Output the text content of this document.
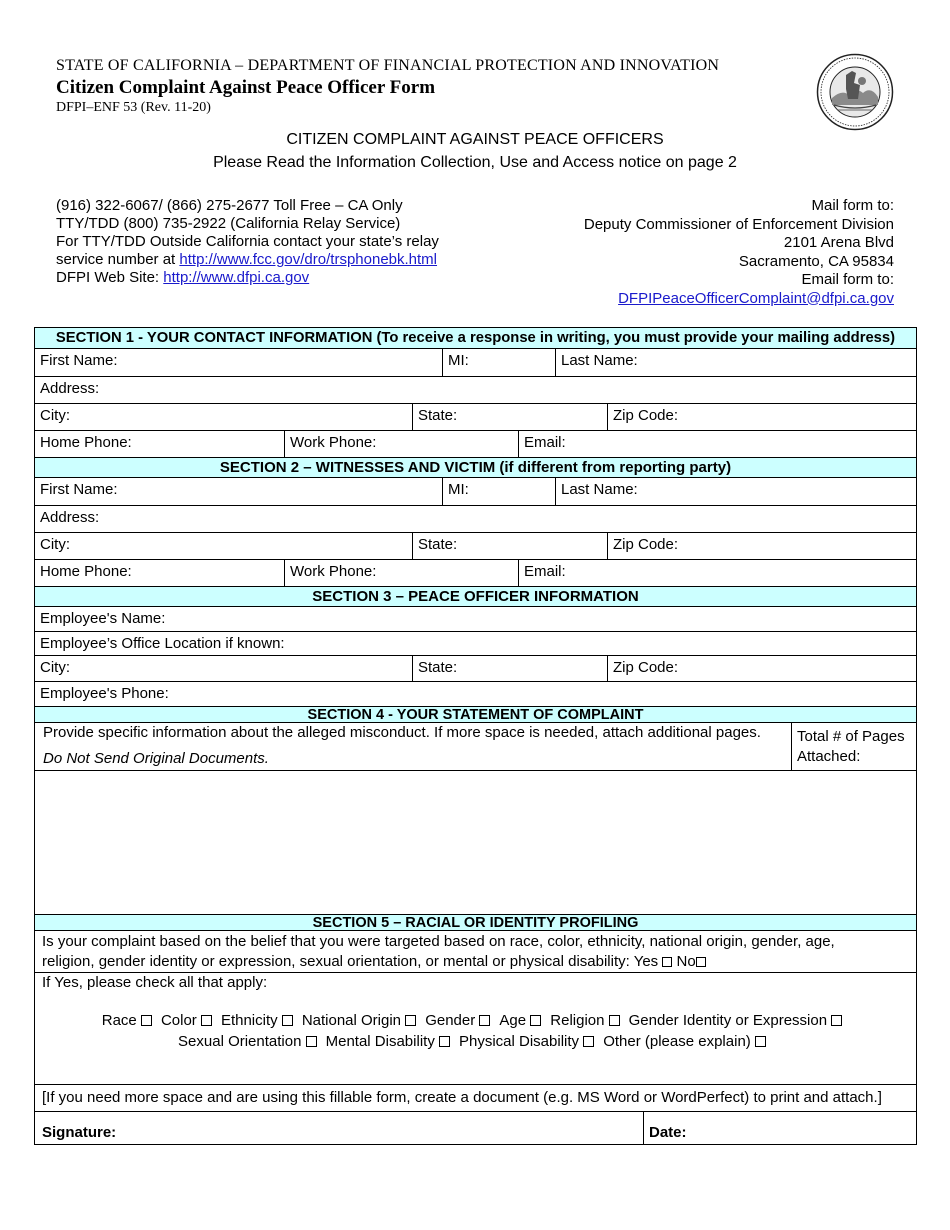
STATE OF CALIFORNIA – DEPARTMENT OF FINANCIAL PROTECTION AND INNOVATION
Citizen Complaint Against Peace Officer Form
DFPI–ENF 53 (Rev. 11-20)
CITIZEN COMPLAINT AGAINST PEACE OFFICERS
Please Read the Information Collection, Use and Access notice on page 2
(916) 322-6067/ (866) 275-2677 Toll Free – CA Only
TTY/TDD (800) 735-2922 (California Relay Service)
For TTY/TDD Outside California contact your state’s relay
service number at http://www.fcc.gov/dro/trsphonebk.html
DFPI Web Site: http://www.dfpi.ca.gov
Mail form to:
Deputy Commissioner of Enforcement Division
2101 Arena Blvd
Sacramento, CA 95834
Email form to:
DFPIPeaceOfficerComplaint@dfpi.ca.gov
SECTION 1 - YOUR CONTACT INFORMATION (To receive a response in writing, you must provide your mailing address)
First Name:	MI:	Last Name:
Address:
City:	State:	Zip Code:
Home Phone:	Work Phone:	Email:
SECTION 2 – WITNESSES AND VICTIM (if different from reporting party)
First Name:	MI:	Last Name:
Address:
City:	State:	Zip Code:
Home Phone:	Work Phone:	Email:
SECTION 3 – PEACE OFFICER INFORMATION
Employee's Name:
Employee’s Office Location if known:
City:	State:	Zip Code:
Employee's Phone:
SECTION 4 - YOUR STATEMENT OF COMPLAINT
Provide specific information about the alleged misconduct. If more space is needed, attach additional pages.
Do Not Send Original Documents.
Total # of Pages
Attached:
SECTION 5 – RACIAL OR IDENTITY PROFILING
Is your complaint based on the belief that you were targeted based on race, color, ethnicity, national origin, gender, age,
religion, gender identity or expression, sexual orientation, or mental or physical disability: Yes No
If Yes, please check all that apply:
Race Color Ethnicity National Origin Gender Age Religion Gender Identity or Expression
Sexual Orientation Mental Disability Physical Disability Other (please explain)
[If you need more space and are using this fillable form, create a document (e.g. MS Word or WordPerfect) to print and attach.]
Signature:	Date:
